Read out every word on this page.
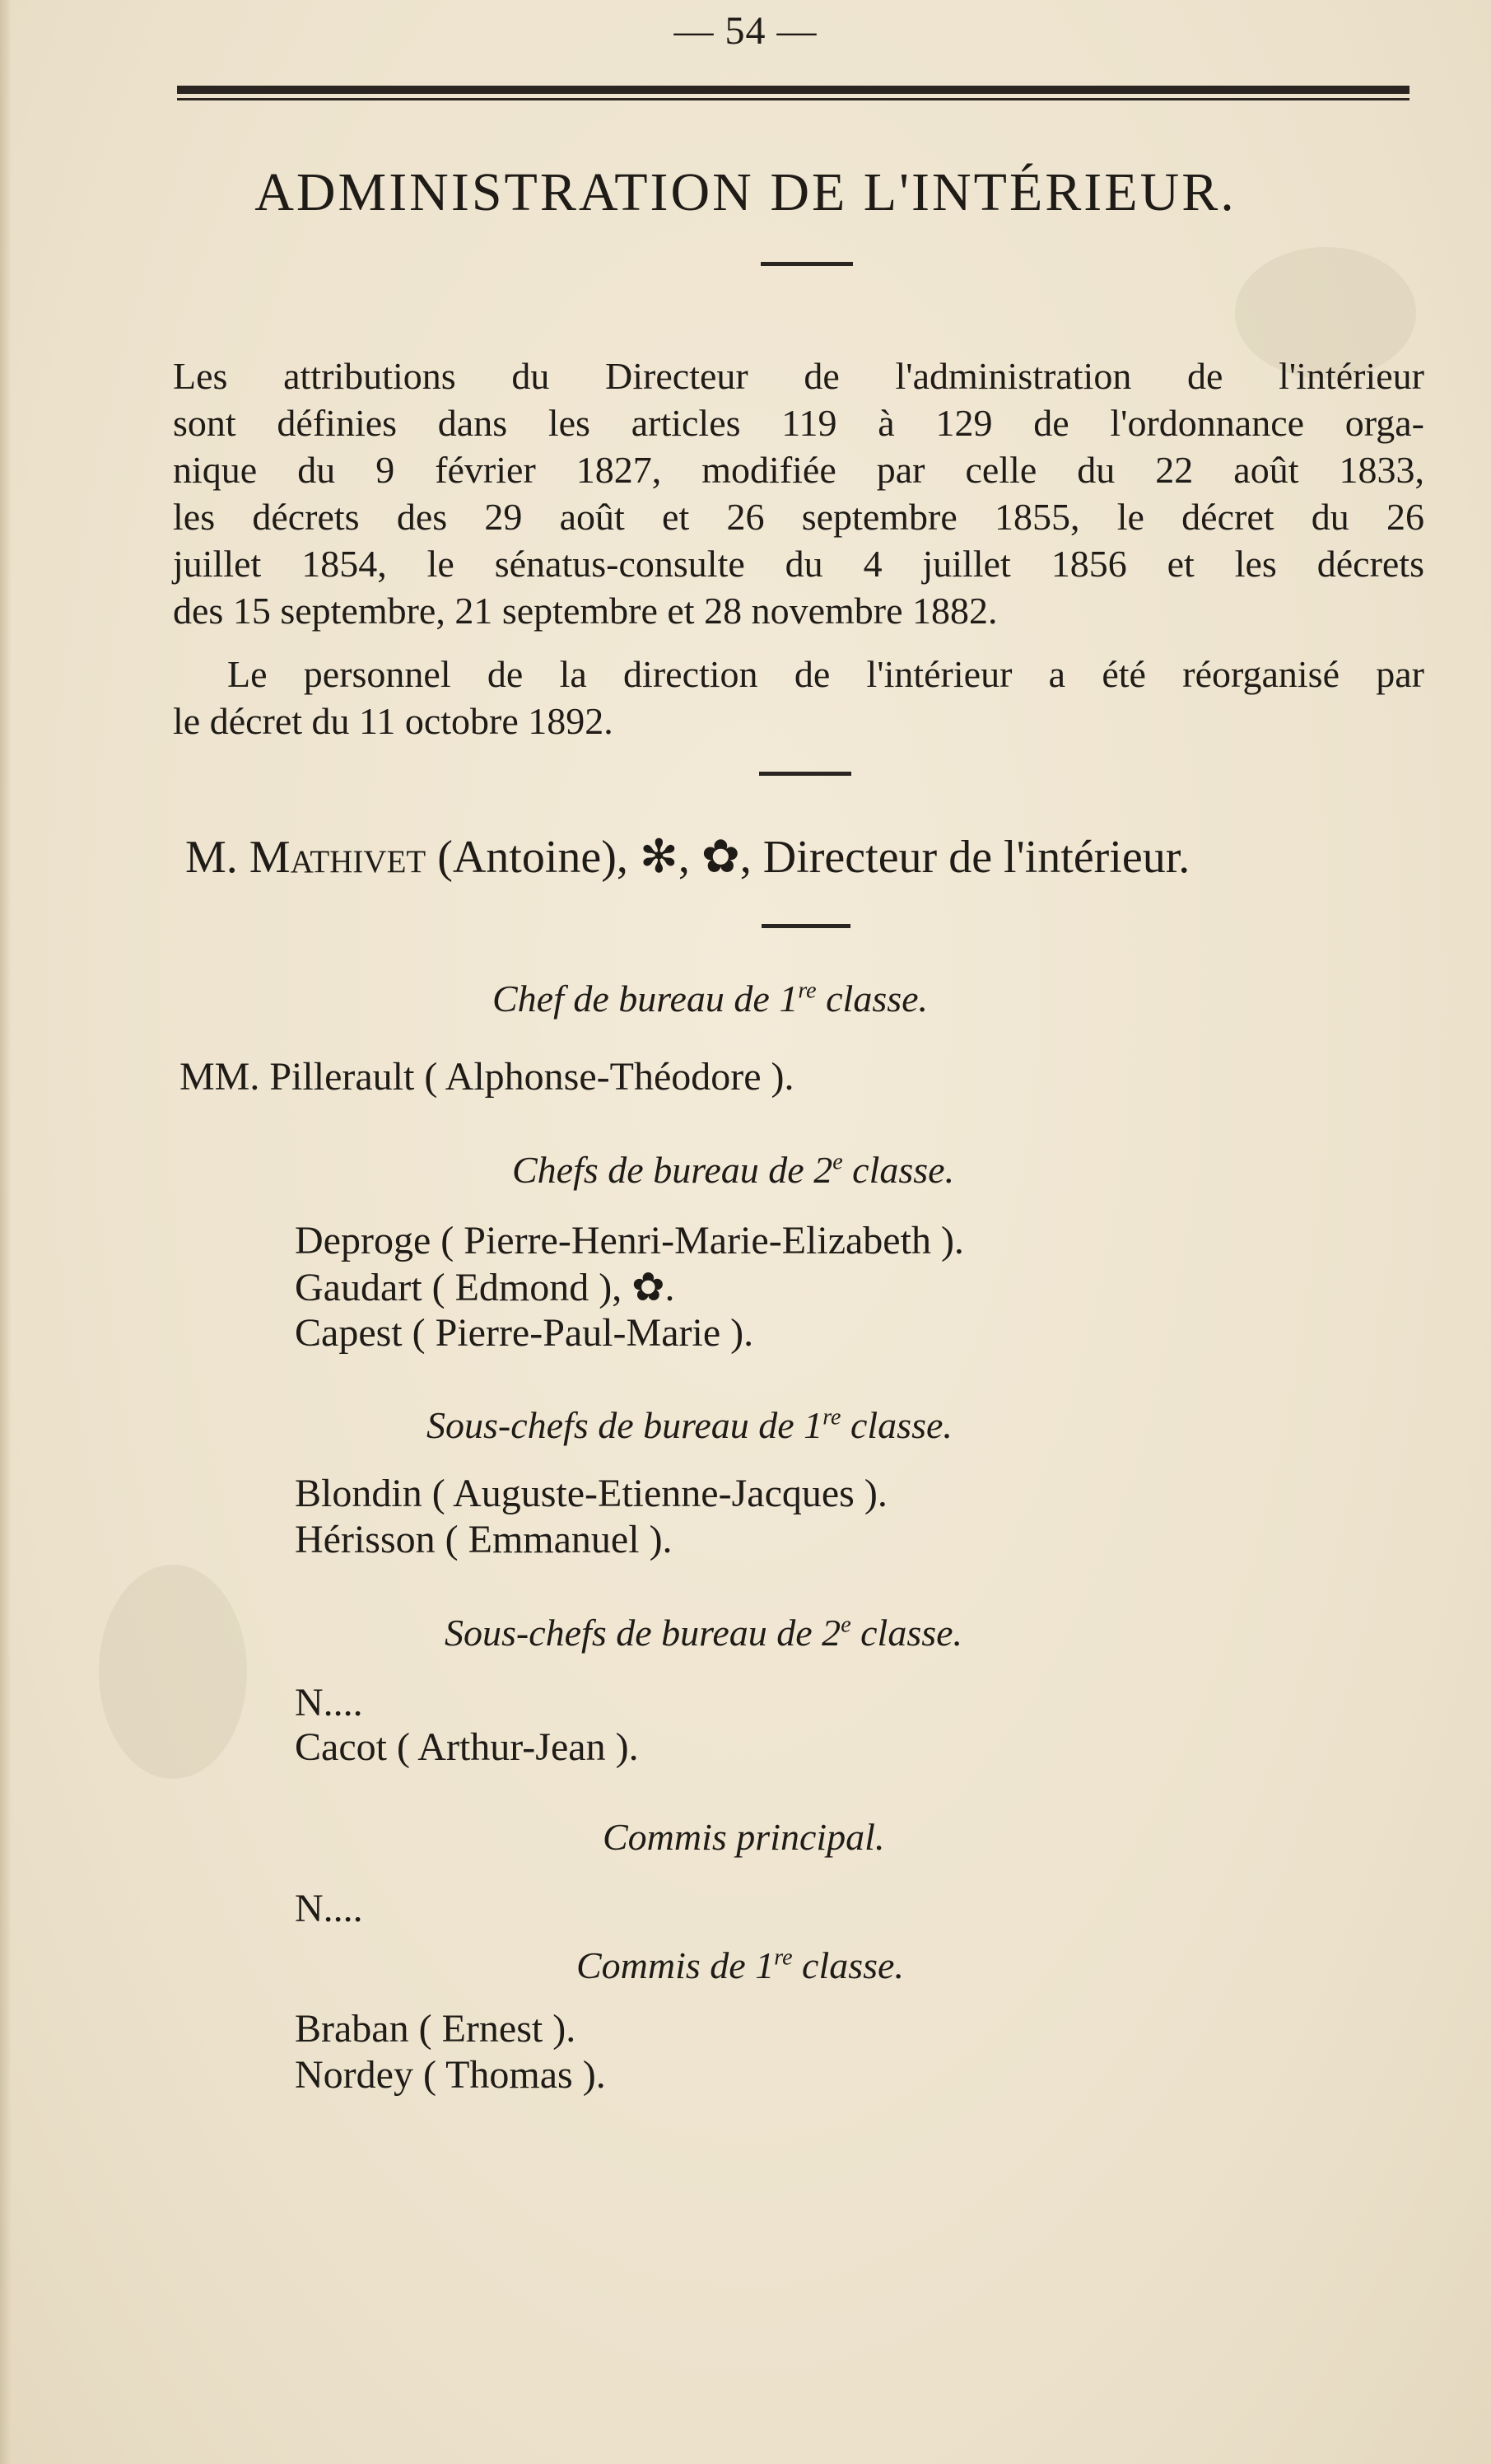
— 54 —
ADMINISTRATION DE L'INTÉRIEUR.
Les attributions du Directeur de l'administration de l'intérieur
sont définies dans les articles 119 à 129 de l'ordonnance orga-
nique du 9 février 1827, modifiée par celle du 22 août 1833,
les décrets des 29 août et 26 septembre 1855, le décret du 26
juillet 1854, le sénatus-consulte du 4 juillet 1856 et les décrets
des 15 septembre, 21 septembre et 28 novembre 1882.
Le personnel de la direction de l'intérieur a été réorganisé par
le décret du 11 octobre 1892.
M. Mathivet (Antoine), ✻, ✿, Directeur de l'intérieur.
Chef de bureau de 1re classe.
MM. Pillerault ( Alphonse-Théodore ).
Chefs de bureau de 2e classe.
Deproge ( Pierre-Henri-Marie-Elizabeth ).
Gaudart ( Edmond ), ✿.
Capest ( Pierre-Paul-Marie ).
Sous-chefs de bureau de 1re classe.
Blondin ( Auguste-Etienne-Jacques ).
Hérisson ( Emmanuel ).
Sous-chefs de bureau de 2e classe.
N....
Cacot ( Arthur-Jean ).
Commis principal.
N....
Commis de 1re classe.
Braban ( Ernest ).
Nordey ( Thomas ).
